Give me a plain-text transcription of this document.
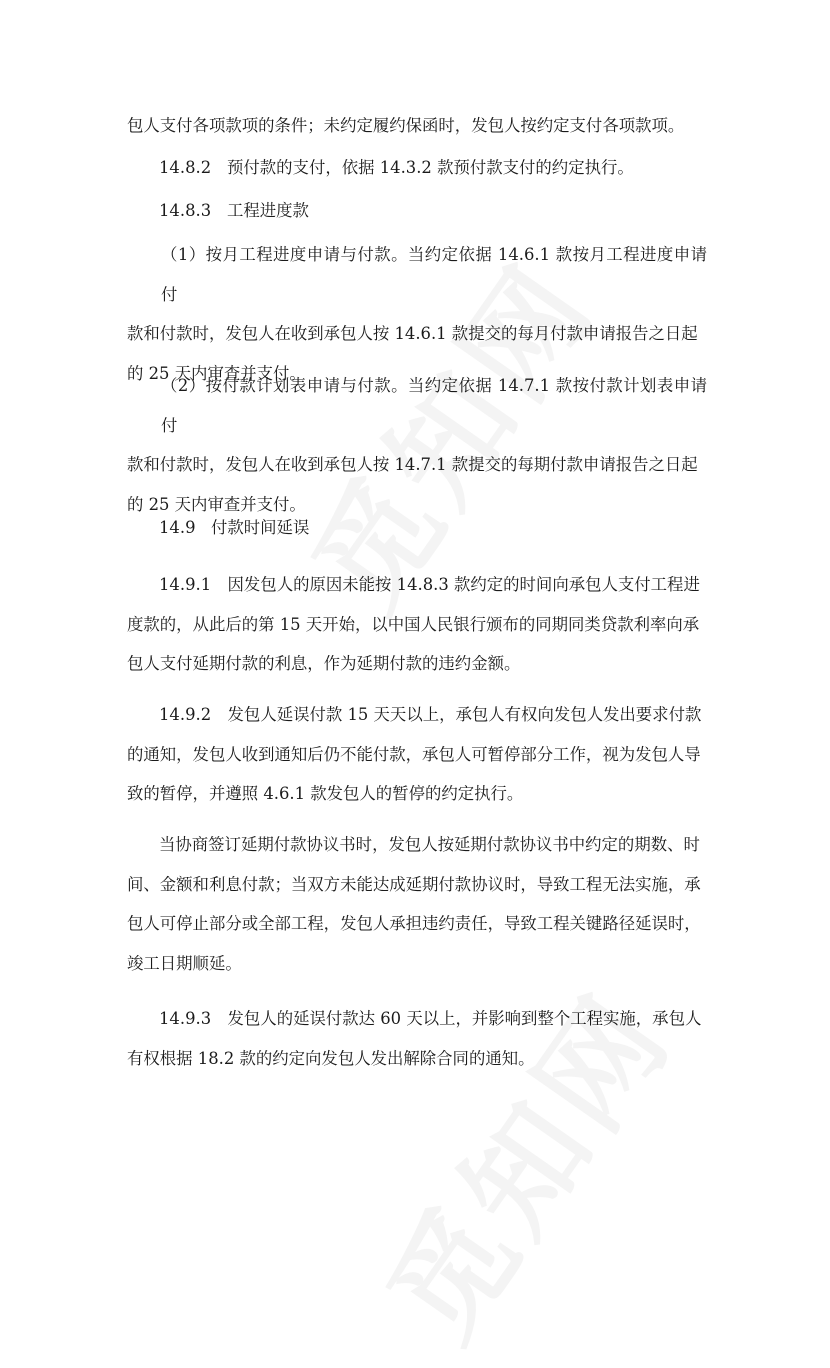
包人支付各项款项的条件；未约定履约保函时，发包人按约定支付各项款项。

14.8.2 预付款的支付，依据 14.3.2 款预付款支付的约定执行。

14.8.3 工程进度款

（1）按月工程进度申请与付款。当约定依据 14.6.1 款按月工程进度申请付

款和付款时，发包人在收到承包人按 14.6.1 款提交的每月付款申请报告之日起

的 25 天内审查并支付。

（2）按付款计划表申请与付款。当约定依据 14.7.1 款按付款计划表申请付

款和付款时，发包人在收到承包人按 14.7.1 款提交的每期付款申请报告之日起

的 25 天内审查并支付。

14.9 付款时间延误

14.9.1　因发包人的原因未能按 14.8.3 款约定的时间向承包人支付工程进

度款的，从此后的第 15 天开始，以中国人民银行颁布的同期同类贷款利率向承

包人支付延期付款的利息，作为延期付款的违约金额。

14.9.2　发包人延误付款 15 天天以上，承包人有权向发包人发出要求付款

的通知，发包人收到通知后仍不能付款，承包人可暂停部分工作，视为发包人导

致的暂停，并遵照 4.6.1 款发包人的暂停的约定执行。

当协商签订延期付款协议书时，发包人按延期付款协议书中约定的期数、时

间、金额和利息付款；当双方未能达成延期付款协议时，导致工程无法实施，承

包人可停止部分或全部工程，发包人承担违约责任，导致工程关键路径延误时，

竣工日期顺延。

14.9.3　发包人的延误付款达 60 天以上，并影响到整个工程实施，承包人

有权根据 18.2 款的约定向发包人发出解除合同的通知。
